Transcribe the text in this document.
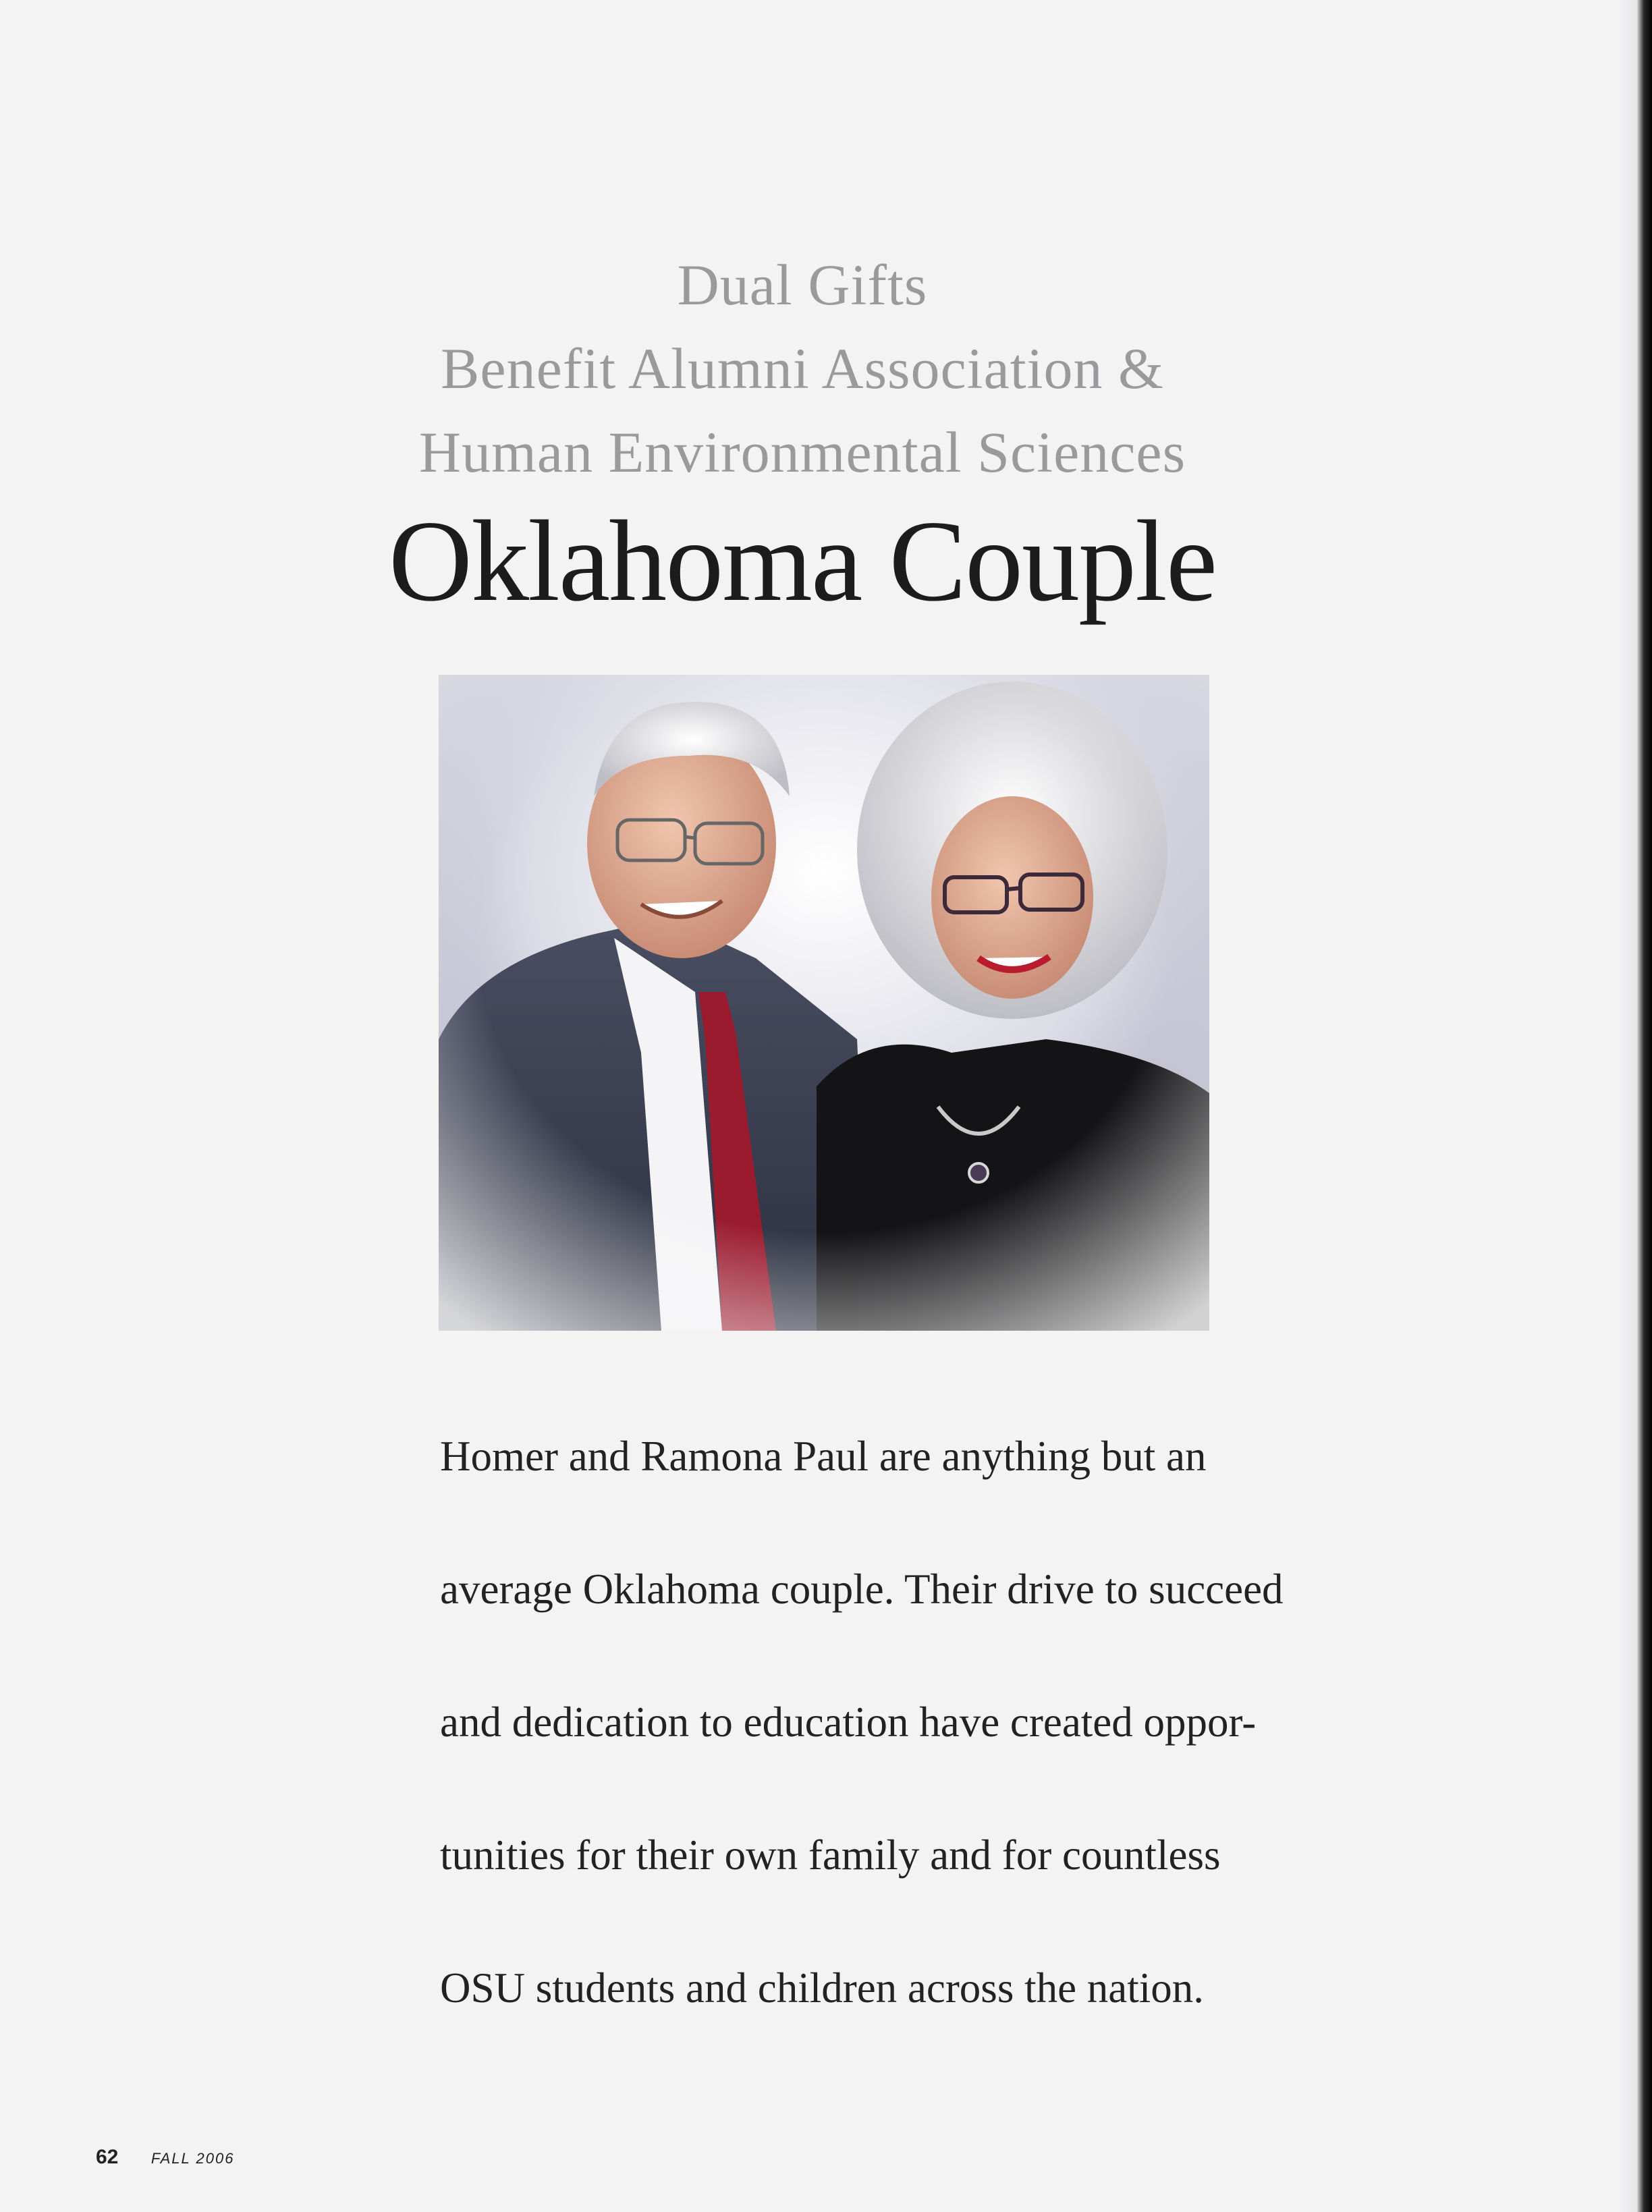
Dual Gifts
Benefit Alumni Association &
Human Environmental Sciences
Oklahoma Couple

Homer and Ramona Paul are anything but an
average Oklahoma couple. Their drive to succeed
and dedication to education have created oppor-
tunities for their own family and for countless
OSU students and children across the nation.

62 FALL 2006
